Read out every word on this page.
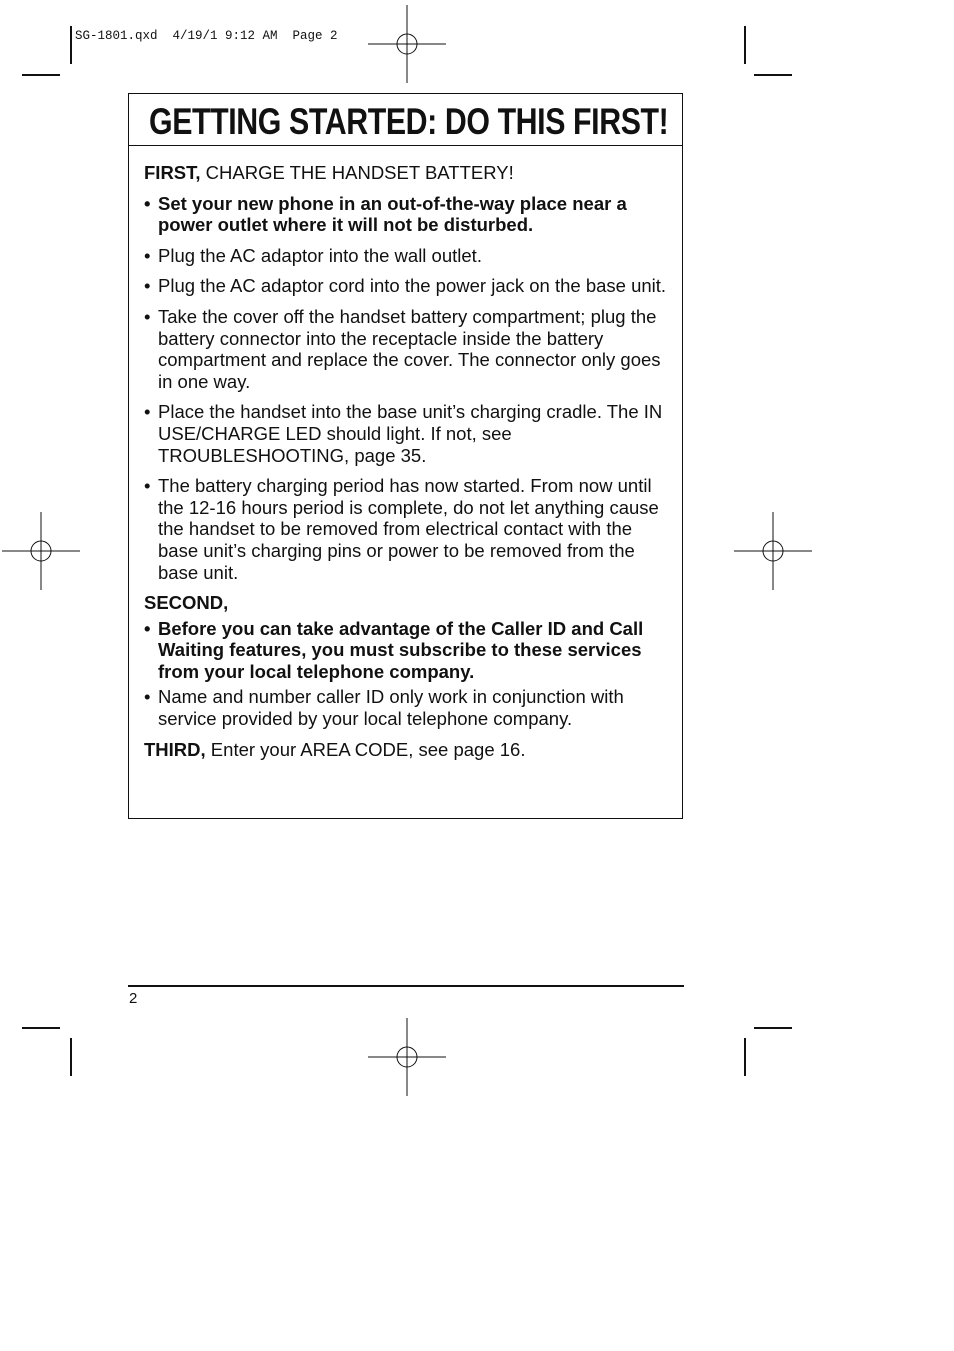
SG-1801.qxd  4/19/1 9:12 AM  Page 2
GETTING STARTED: DO THIS FIRST!

FIRST, CHARGE THE HANDSET BATTERY!

• Set your new phone in an out-of-the-way place near a power outlet where it will not be disturbed.
• Plug the AC adaptor into the wall outlet.
• Plug the AC adaptor cord into the power jack on the base unit.
• Take the cover off the handset battery compartment; plug the battery connector into the receptacle inside the battery compartment and replace the cover. The connector only goes in one way.
• Place the handset into the base unit’s charging cradle. The IN USE/CHARGE LED should light. If not, see TROUBLESHOOTING, page 35.
• The battery charging period has now started. From now until the 12-16 hours period is complete, do not let anything cause the handset to be removed from electrical contact with the base unit’s charging pins or power to be removed from the base unit.

SECOND,

• Before you can take advantage of the Caller ID and Call Waiting features, you must subscribe to these services from your local telephone company.
• Name and number caller ID only work in conjunction with service provided by your local telephone company.

THIRD, Enter your AREA CODE, see page 16.

2
